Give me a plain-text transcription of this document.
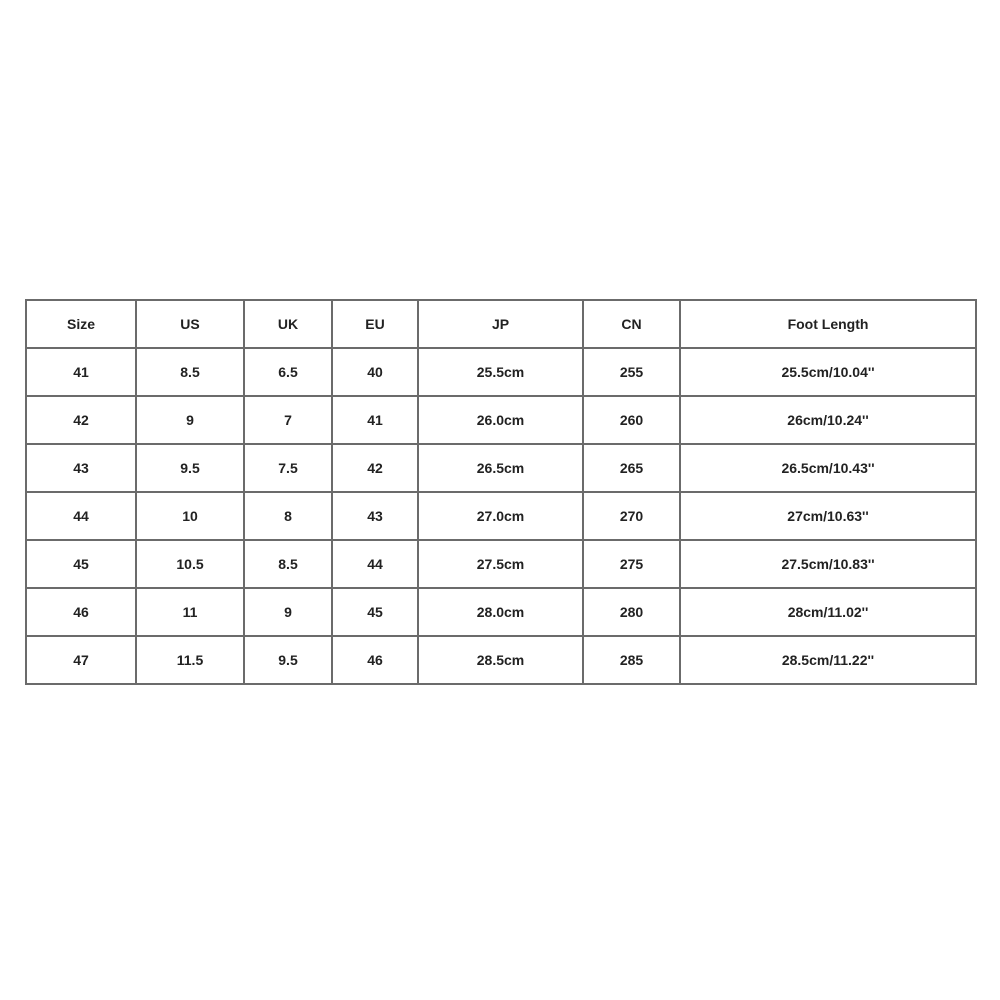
Size	US	UK	EU	JP	CN	Foot Length
41	8.5	6.5	40	25.5cm	255	25.5cm/10.04''
42	9	7	41	26.0cm	260	26cm/10.24''
43	9.5	7.5	42	26.5cm	265	26.5cm/10.43''
44	10	8	43	27.0cm	270	27cm/10.63''
45	10.5	8.5	44	27.5cm	275	27.5cm/10.83''
46	11	9	45	28.0cm	280	28cm/11.02''
47	11.5	9.5	46	28.5cm	285	28.5cm/11.22''
